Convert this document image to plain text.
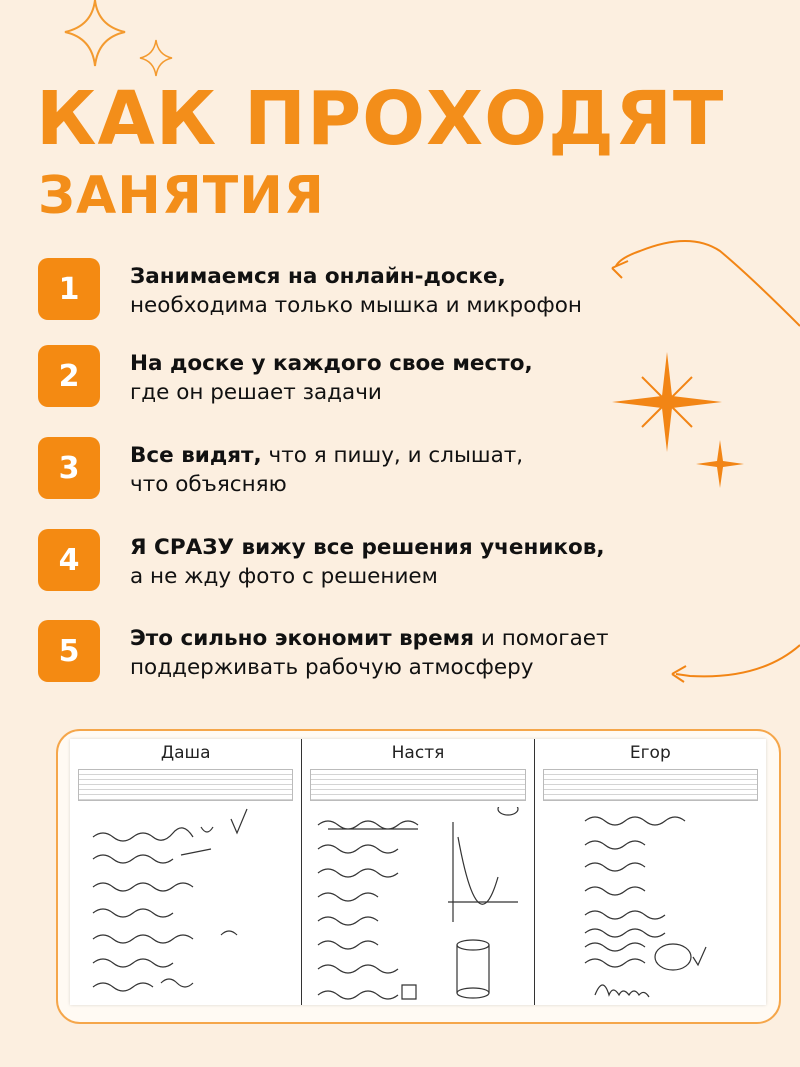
КАК ПРОХОДЯТ
ЗАНЯТИЯ
1	Занимаемся на онлайн-доске,
необходима только мышка и микрофон
2	На доске у каждого свое место,
где он решает задачи
3	Все видят, что я пишу, и слышат,
что объясняю
4	Я СРАЗУ вижу все решения учеников,
а не жду фото с решением
5	Это сильно экономит время и помогает
поддерживать рабочую атмосферу
Даша	Настя	Егор
